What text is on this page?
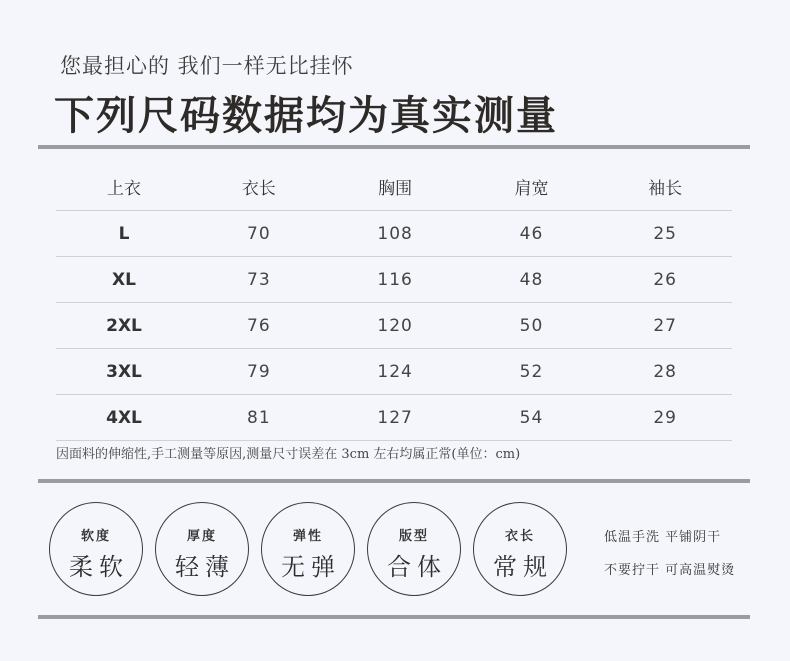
您最担心的 我们一样无比挂怀
下列尺码数据均为真实测量
上衣	衣长	胸围	肩宽	袖长
L	70	108	46	25
XL	73	116	48	26
2XL	76	120	50	27
3XL	79	124	52	28
4XL	81	127	54	29
因面料的伸缩性,手工测量等原因,测量尺寸误差在 3cm 左右均属正常(单位：cm)
软度
柔软
厚度
轻薄
弹性
无弹
版型
合体
衣长
常规
低温手洗 平铺阴干
不要拧干 可高温熨烫
